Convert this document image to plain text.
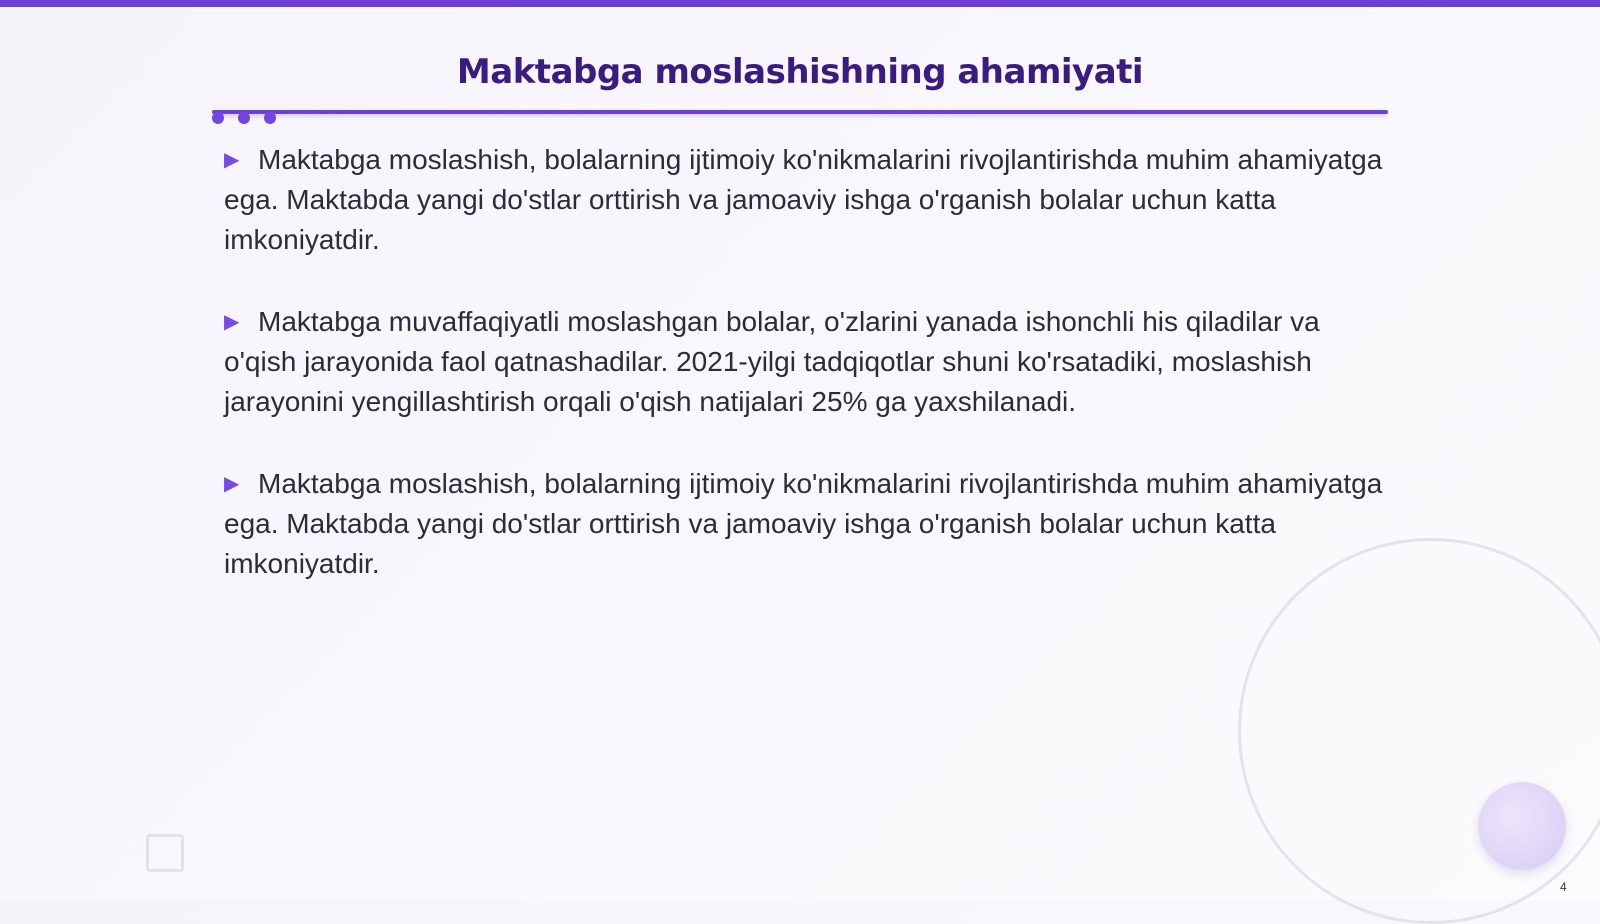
Maktabga moslashishning ahamiyati
▶ Maktabga moslashish, bolalarning ijtimoiy ko'nikmalarini rivojlantirishda muhim ahamiyatga ega. Maktabda yangi do'stlar orttirish va jamoaviy ishga o'rganish bolalar uchun katta imkoniyatdir.
▶ Maktabga muvaffaqiyatli moslashgan bolalar, o'zlarini yanada ishonchli his qiladilar va o'qish jarayonida faol qatnashadilar. 2021-yilgi tadqiqotlar shuni ko'rsatadiki, moslashish jarayonini yengillashtirish orqali o'qish natijalari 25% ga yaxshilanadi.
▶ Maktabga moslashish, bolalarning ijtimoiy ko'nikmalarini rivojlantirishda muhim ahamiyatga ega. Maktabda yangi do'stlar orttirish va jamoaviy ishga o'rganish bolalar uchun katta imkoniyatdir.
4
